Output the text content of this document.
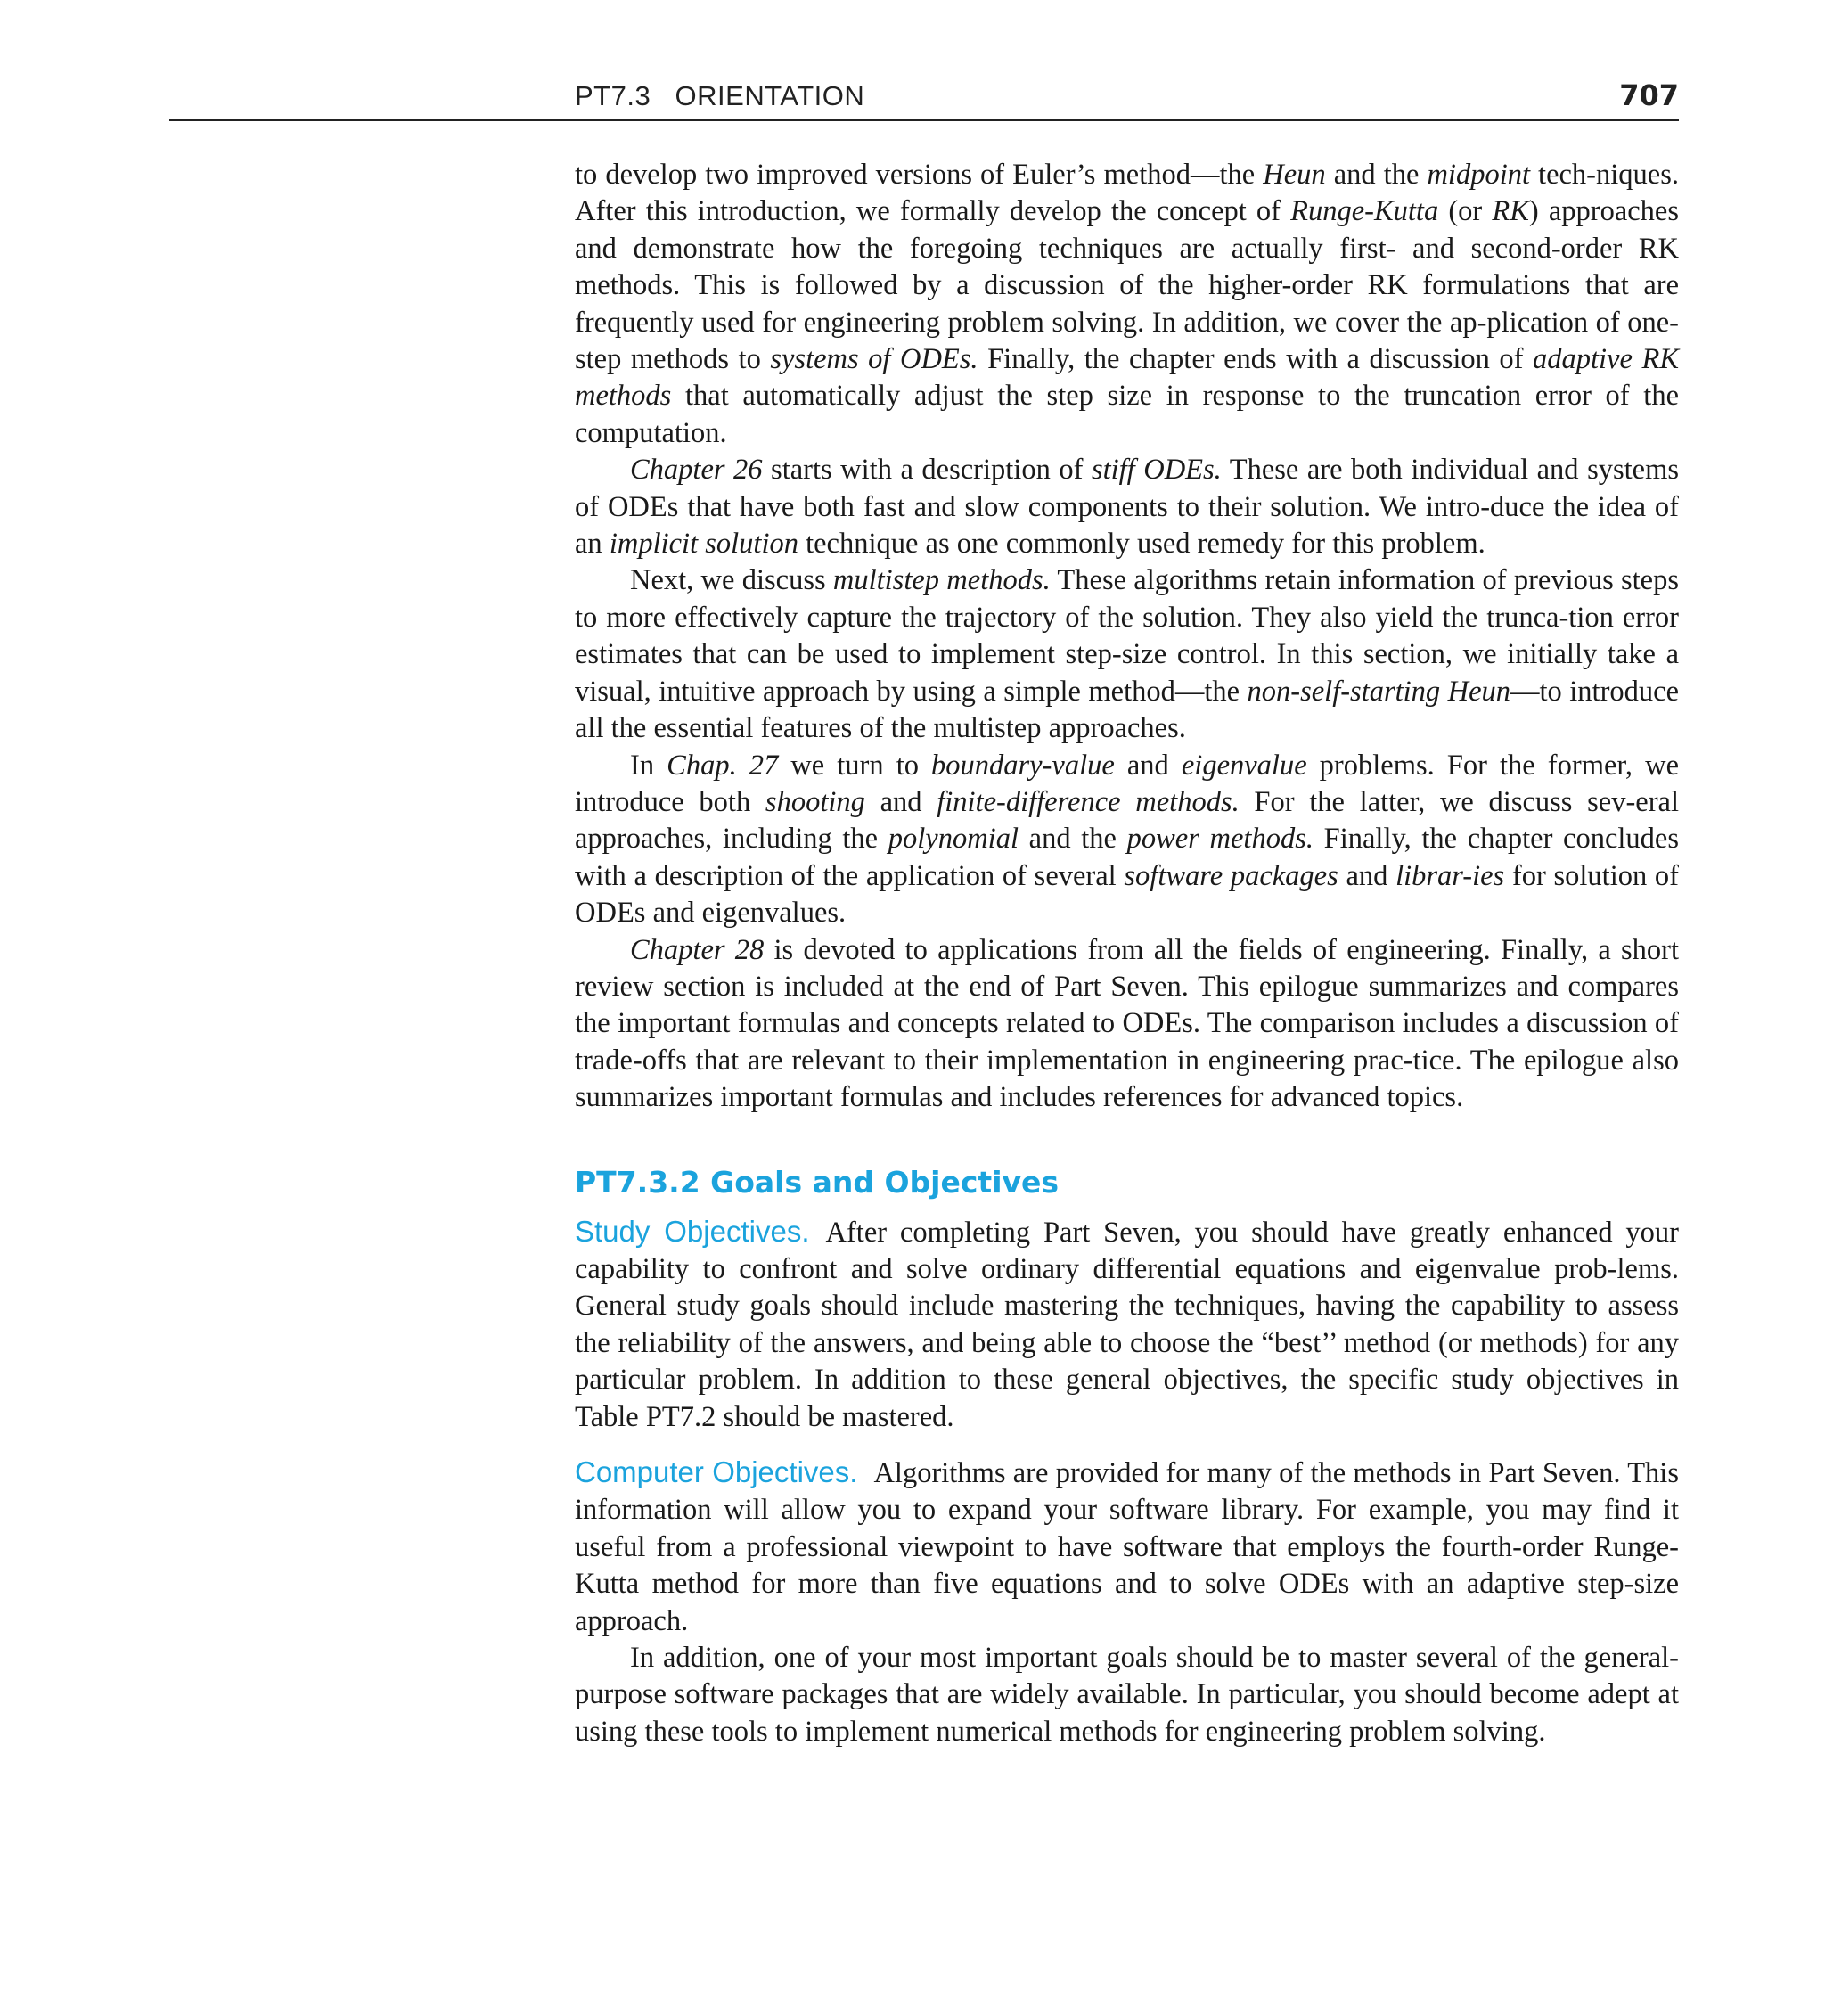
PT7.3   ORIENTATION	707

to develop two improved versions of Euler’s method—the Heun and the midpoint tech-niques. After this introduction, we formally develop the concept of Runge-Kutta (or RK) approaches and demonstrate how the foregoing techniques are actually first- and second-order RK methods. This is followed by a discussion of the higher-order RK formulations that are frequently used for engineering problem solving. In addition, we cover the ap-plication of one-step methods to systems of ODEs. Finally, the chapter ends with a discussion of adaptive RK methods that automatically adjust the step size in response to the truncation error of the computation.

Chapter 26 starts with a description of stiff ODEs. These are both individual and systems of ODEs that have both fast and slow components to their solution. We intro-duce the idea of an implicit solution technique as one commonly used remedy for this problem.

Next, we discuss multistep methods. These algorithms retain information of previous steps to more effectively capture the trajectory of the solution. They also yield the trunca-tion error estimates that can be used to implement step-size control. In this section, we initially take a visual, intuitive approach by using a simple method—the non-self-starting Heun—to introduce all the essential features of the multistep approaches.

In Chap. 27 we turn to boundary-value and eigenvalue problems. For the former, we introduce both shooting and finite-difference methods. For the latter, we discuss sev-eral approaches, including the polynomial and the power methods. Finally, the chapter concludes with a description of the application of several software packages and librar-ies for solution of ODEs and eigenvalues.

Chapter 28 is devoted to applications from all the fields of engineering. Finally, a short review section is included at the end of Part Seven. This epilogue summarizes and compares the important formulas and concepts related to ODEs. The comparison includes a discussion of trade-offs that are relevant to their implementation in engineering prac-tice. The epilogue also summarizes important formulas and includes references for advanced topics.

PT7.3.2 Goals and Objectives

Study Objectives. After completing Part Seven, you should have greatly enhanced your capability to confront and solve ordinary differential equations and eigenvalue prob-lems. General study goals should include mastering the techniques, having the capability to assess the reliability of the answers, and being able to choose the “best’’ method (or methods) for any particular problem. In addition to these general objectives, the specific study objectives in Table PT7.2 should be mastered.

Computer Objectives. Algorithms are provided for many of the methods in Part Seven. This information will allow you to expand your software library. For example, you may find it useful from a professional viewpoint to have software that employs the fourth-order Runge-Kutta method for more than five equations and to solve ODEs with an adaptive step-size approach.

In addition, one of your most important goals should be to master several of the general-purpose software packages that are widely available. In particular, you should become adept at using these tools to implement numerical methods for engineering problem solving.
